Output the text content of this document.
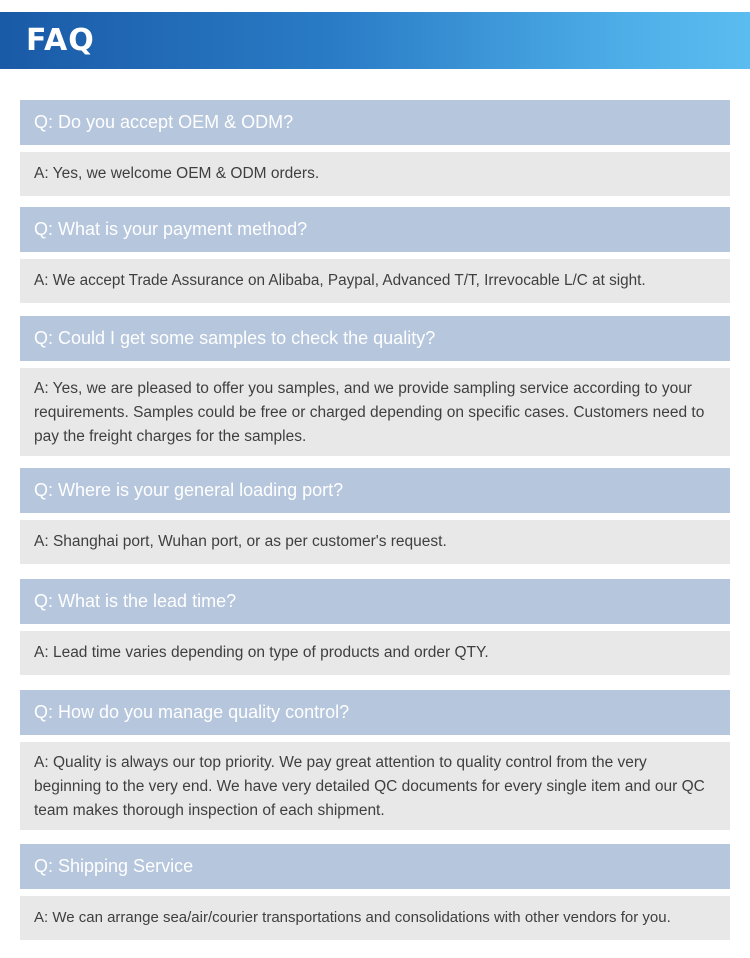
FAQ
Q: Do you accept OEM & ODM?
A: Yes, we welcome OEM & ODM orders.
Q: What is your payment method?
A: We accept Trade Assurance on Alibaba, Paypal, Advanced T/T, Irrevocable L/C at sight.
Q: Could I get some samples to check the quality?
A: Yes, we are pleased to offer you samples, and we provide sampling service according to your requirements. Samples could be free or charged depending on specific cases. Customers need to pay the freight charges for the samples.
Q: Where is your general loading port?
A: Shanghai port, Wuhan port, or as per customer's request.
Q: What is the lead time?
A: Lead time varies depending on type of products and order QTY.
Q: How do you manage quality control?
A: Quality is always our top priority. We pay great attention to quality control from the very beginning to the very end. We have very detailed QC documents for every single item and our QC team makes thorough inspection of each shipment.
Q: Shipping Service
A: We can arrange sea/air/courier transportations and consolidations with other vendors for you.
